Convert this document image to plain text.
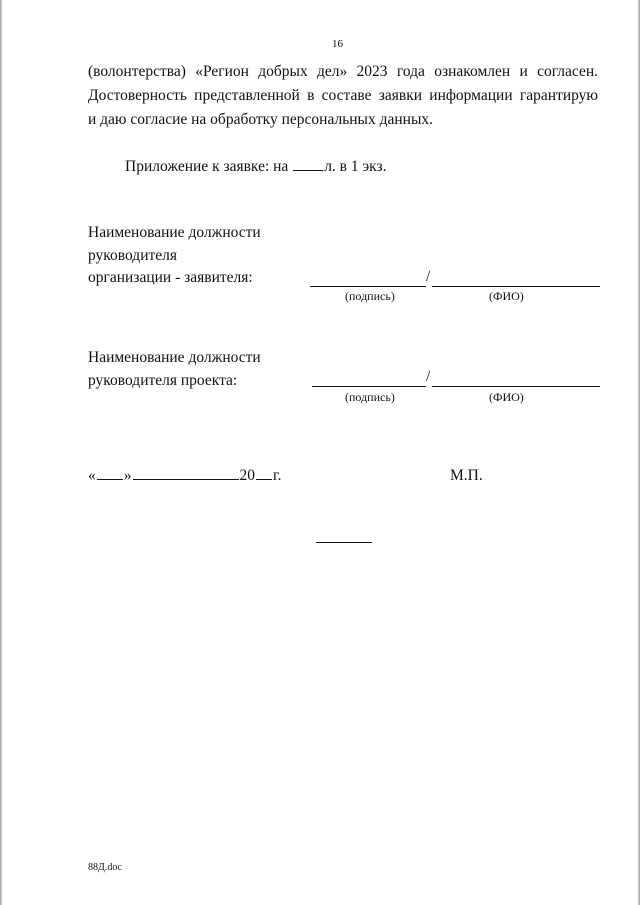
16
(волонтерства) «Регион добрых дел» 2023 года ознакомлен и согласен.
Достоверность представленной в составе заявки информации гарантирую
и даю согласие на обработку персональных данных.
Приложение к заявке: на л. в 1 экз.
Наименование должности
руководителя
организации - заявителя:	/
(подпись)	(ФИО)
Наименование должности
руководителя проекта:	/
(подпись)	(ФИО)
« »	20 г.	М.П.
88Д.doc
